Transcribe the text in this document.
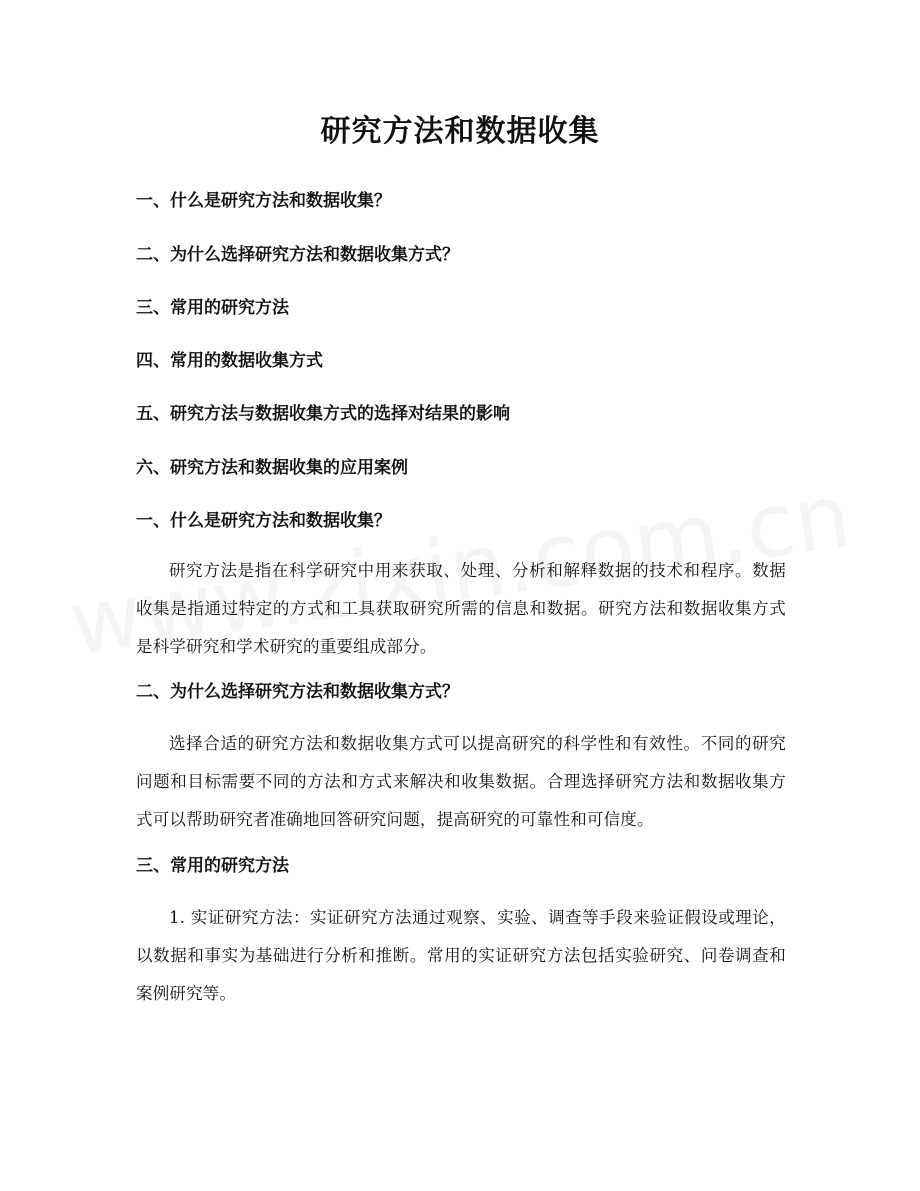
研究方法和数据收集
一、什么是研究方法和数据收集？
二、为什么选择研究方法和数据收集方式？
三、常用的研究方法
四、常用的数据收集方式
五、研究方法与数据收集方式的选择对结果的影响
六、研究方法和数据收集的应用案例
一、什么是研究方法和数据收集？
研究方法是指在科学研究中用来获取、处理、分析和解释数据的技术和程序。数据收集是指通过特定的方式和工具获取研究所需的信息和数据。研究方法和数据收集方式是科学研究和学术研究的重要组成部分。
二、为什么选择研究方法和数据收集方式？
选择合适的研究方法和数据收集方式可以提高研究的科学性和有效性。不同的研究问题和目标需要不同的方法和方式来解决和收集数据。合理选择研究方法和数据收集方式可以帮助研究者准确地回答研究问题，提高研究的可靠性和可信度。
三、常用的研究方法
1. 实证研究方法：实证研究方法通过观察、实验、调查等手段来验证假设或理论，以数据和事实为基础进行分析和推断。常用的实证研究方法包括实验研究、问卷调查和案例研究等。
